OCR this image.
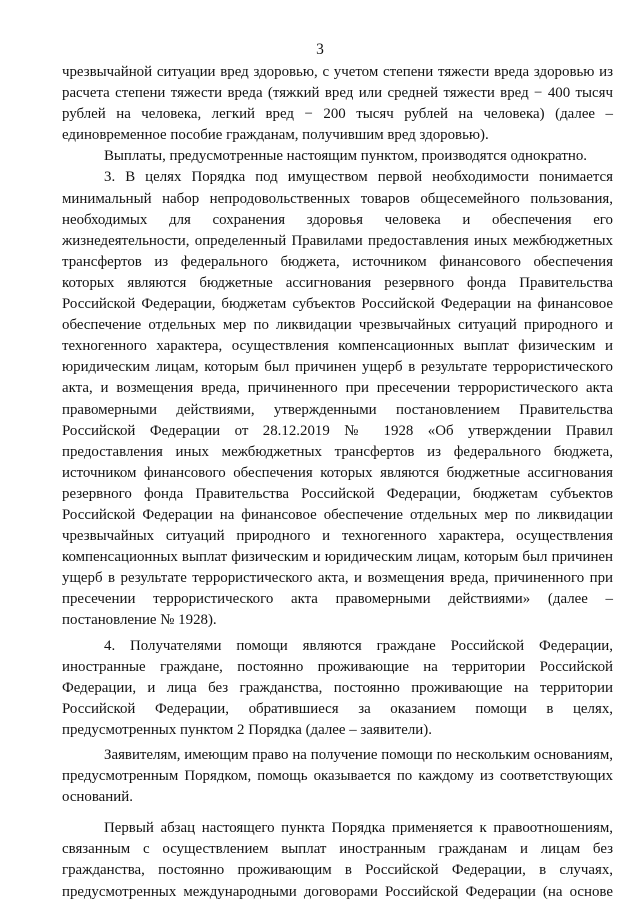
3

чрезвычайной ситуации вред здоровью, с учетом степени тяжести вреда здоровью из расчета степени тяжести вреда (тяжкий вред или средней тяжести вред − 400 тысяч рублей на человека, легкий вред − 200 тысяч рублей на человека) (далее – единовременное пособие гражданам, получившим вред здоровью).

Выплаты, предусмотренные настоящим пунктом, производятся однократно.

3. В целях Порядка под имуществом первой необходимости понимается минимальный набор непродовольственных товаров общесемейного пользования, необходимых для сохранения здоровья человека и обеспечения его жизнедеятельности, определенный Правилами предоставления иных межбюджетных трансфертов из федерального бюджета, источником финансового обеспечения которых являются бюджетные ассигнования резервного фонда Правительства Российской Федерации, бюджетам субъектов Российской Федерации на финансовое обеспечение отдельных мер по ликвидации чрезвычайных ситуаций природного и техногенного характера, осуществления компенсационных выплат физическим и юридическим лицам, которым был причинен ущерб в результате террористического акта, и возмещения вреда, причиненного при пресечении террористического акта правомерными действиями, утвержденными постановлением Правительства Российской Федерации от 28.12.2019 № 1928 «Об утверждении Правил предоставления иных межбюджетных трансфертов из федерального бюджета, источником финансового обеспечения которых являются бюджетные ассигнования резервного фонда Правительства Российской Федерации, бюджетам субъектов Российской Федерации на финансовое обеспечение отдельных мер по ликвидации чрезвычайных ситуаций природного и техногенного характера, осуществления компенсационных выплат физическим и юридическим лицам, которым был причинен ущерб в результате террористического акта, и возмещения вреда, причиненного при пресечении террористического акта правомерными действиями» (далее – постановление № 1928).

4. Получателями помощи являются граждане Российской Федерации, иностранные граждане, постоянно проживающие на территории Российской Федерации, и лица без гражданства, постоянно проживающие на территории Российской Федерации, обратившиеся за оказанием помощи в целях, предусмотренных пунктом 2 Порядка (далее – заявители).

Заявителям, имеющим право на получение помощи по нескольким основаниям, предусмотренным Порядком, помощь оказывается по каждому из соответствующих оснований.

Первый абзац настоящего пункта Порядка применяется к правоотношениям, связанным с осуществлением выплат иностранным гражданам и лицам без гражданства, постоянно проживающим в Российской Федерации, в случаях, предусмотренных международными договорами Российской Федерации (на основе
